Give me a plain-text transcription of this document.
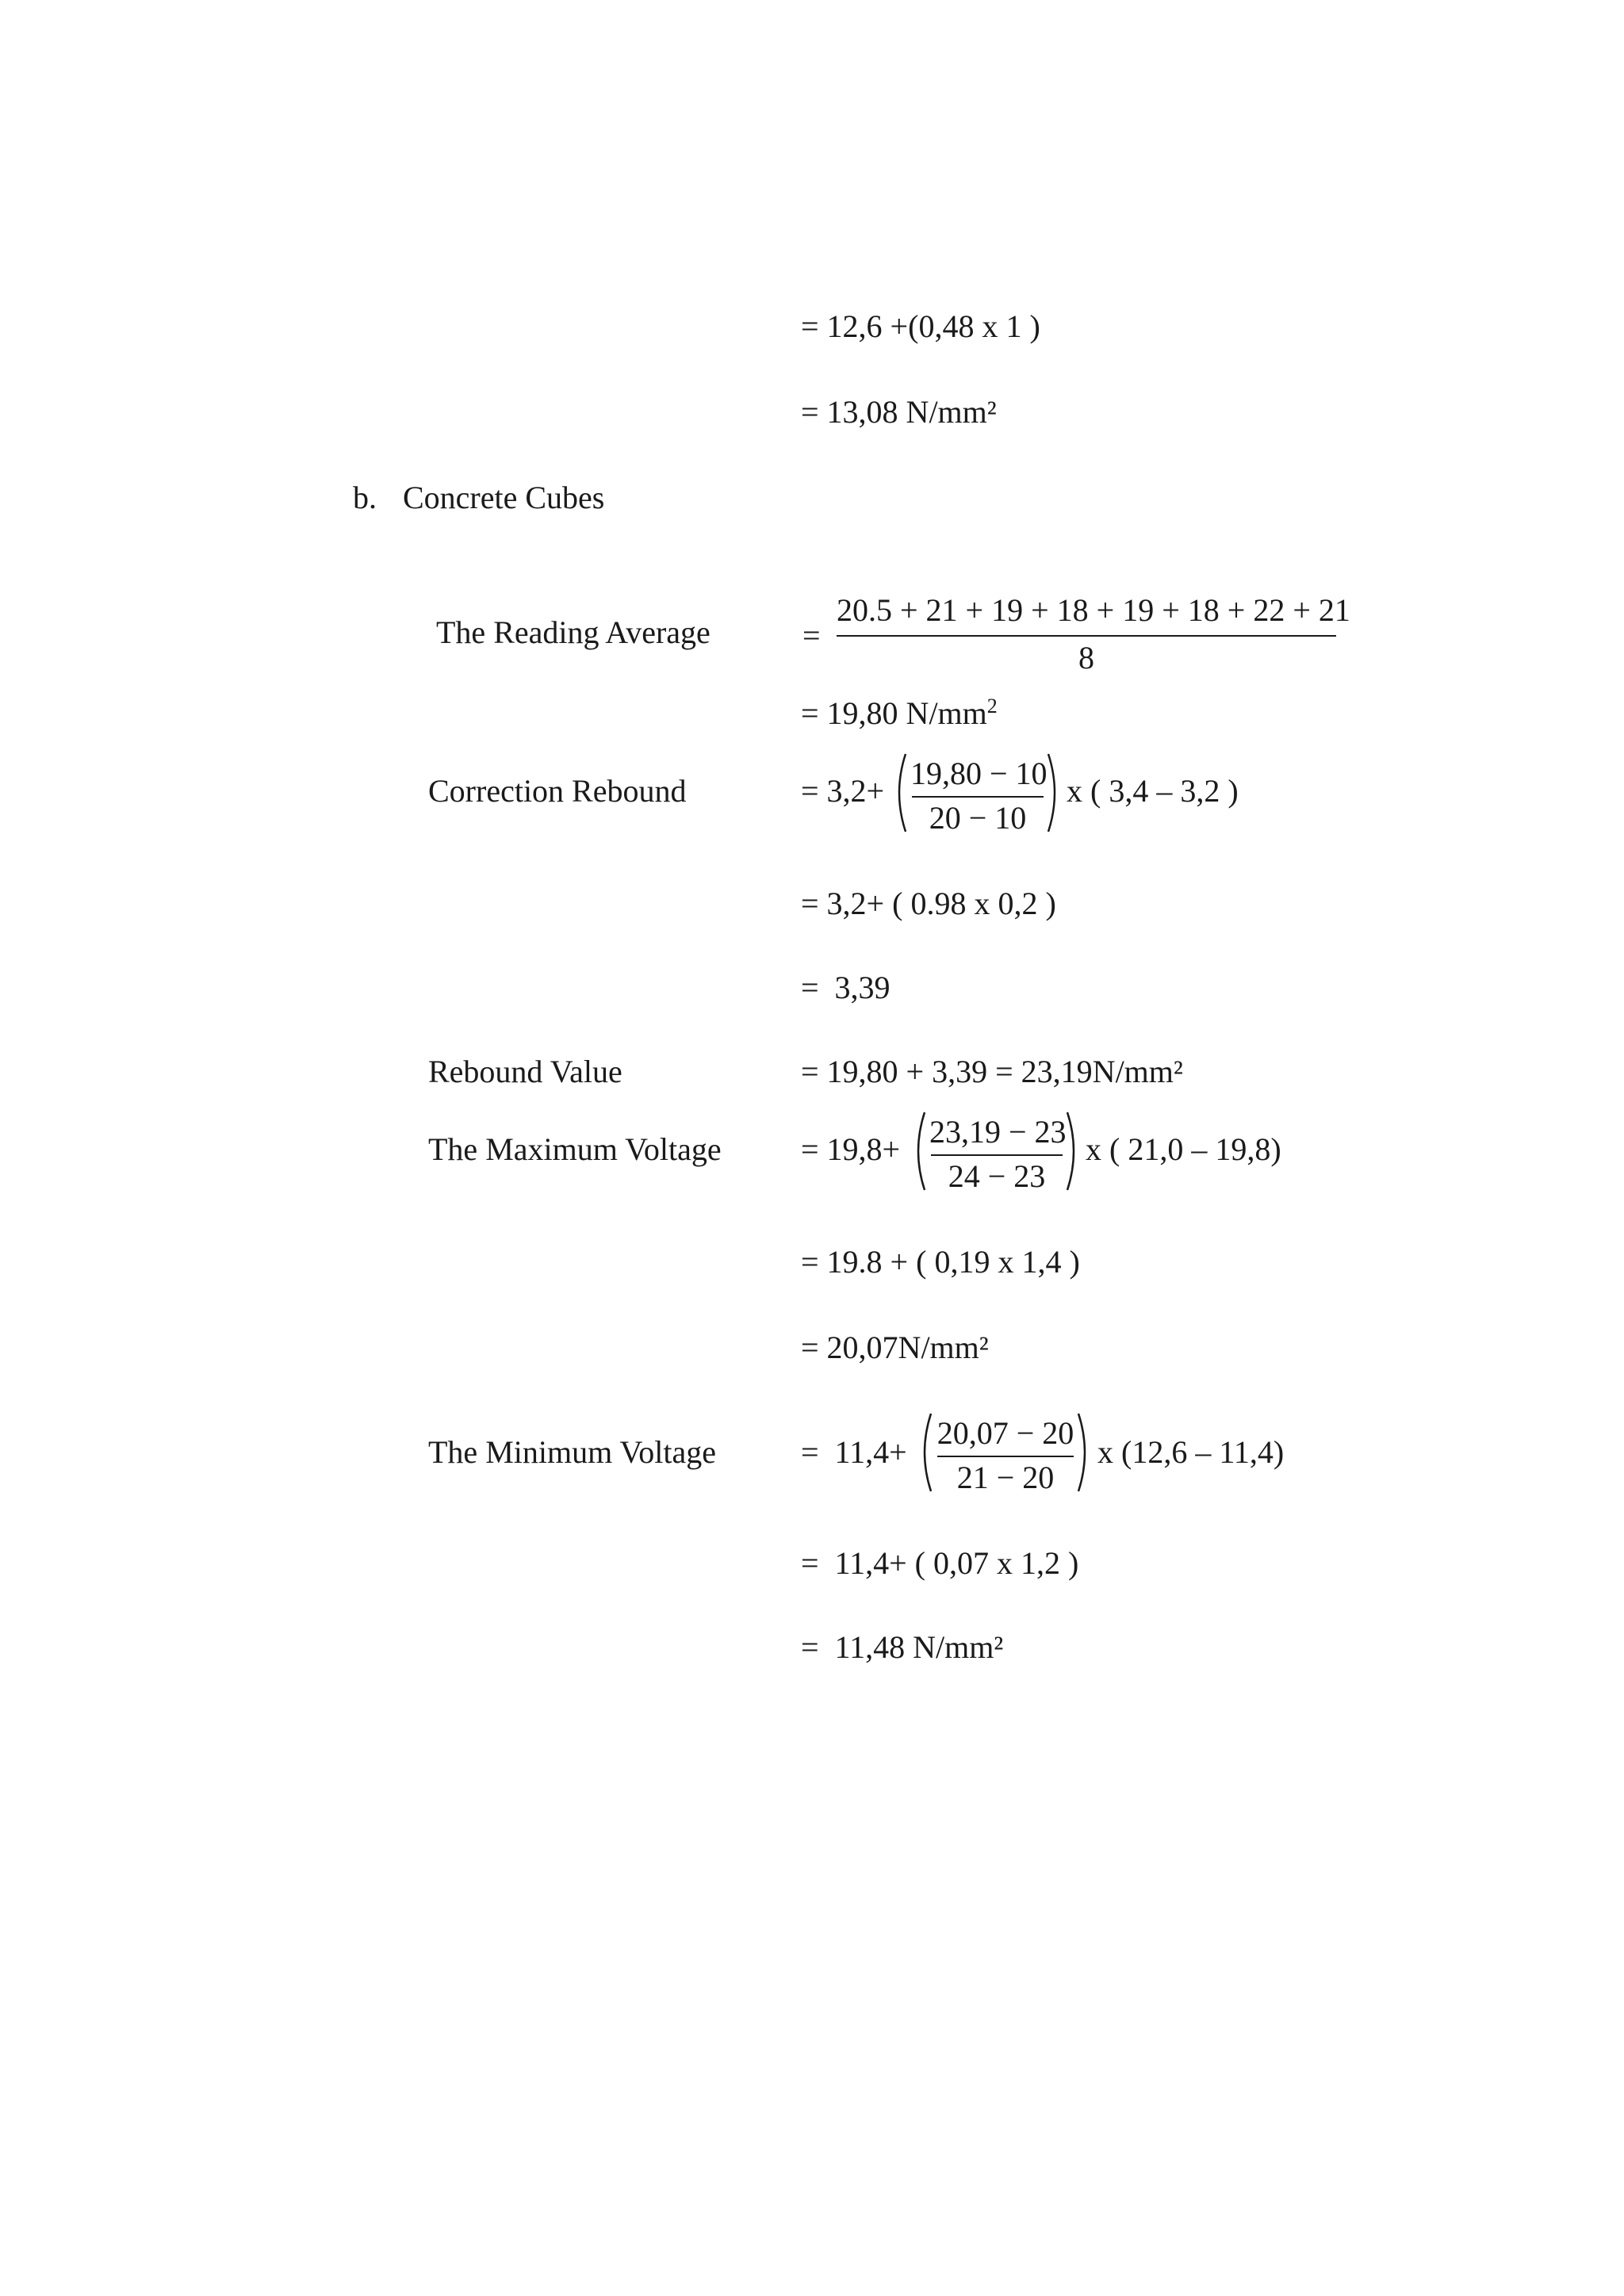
= 12,6 +(0,48 x 1 )
= 13,08 N/mm²
b. Concrete Cubes
The Reading Average	=
20.5 + 21 + 19 + 18 + 19 + 18 + 22 + 21
8
= 19,80 $N/mm^2$
Correction Rebound	= 3,2+ 19,80 − 10
20 − 10
x ( 3,4 – 3,2 )
= 3,2+ ( 0.98 x 0,2 )
=  3,39
Rebound Value	= 19,80 + 3,39 = 23,19N/mm²
The Maximum Voltage	= 19,8+ 23,19 − 23
24 − 23
x ( 21,0 – 19,8)
= 19.8 + ( 0,19 x 1,4 )
= 20,07N/mm²
The Minimum Voltage	=  11,4+
20,07 − 20
21 − 20
x (12,6 – 11,4)
=  11,4+ ( 0,07 x 1,2 )
=  11,48 N/mm²
